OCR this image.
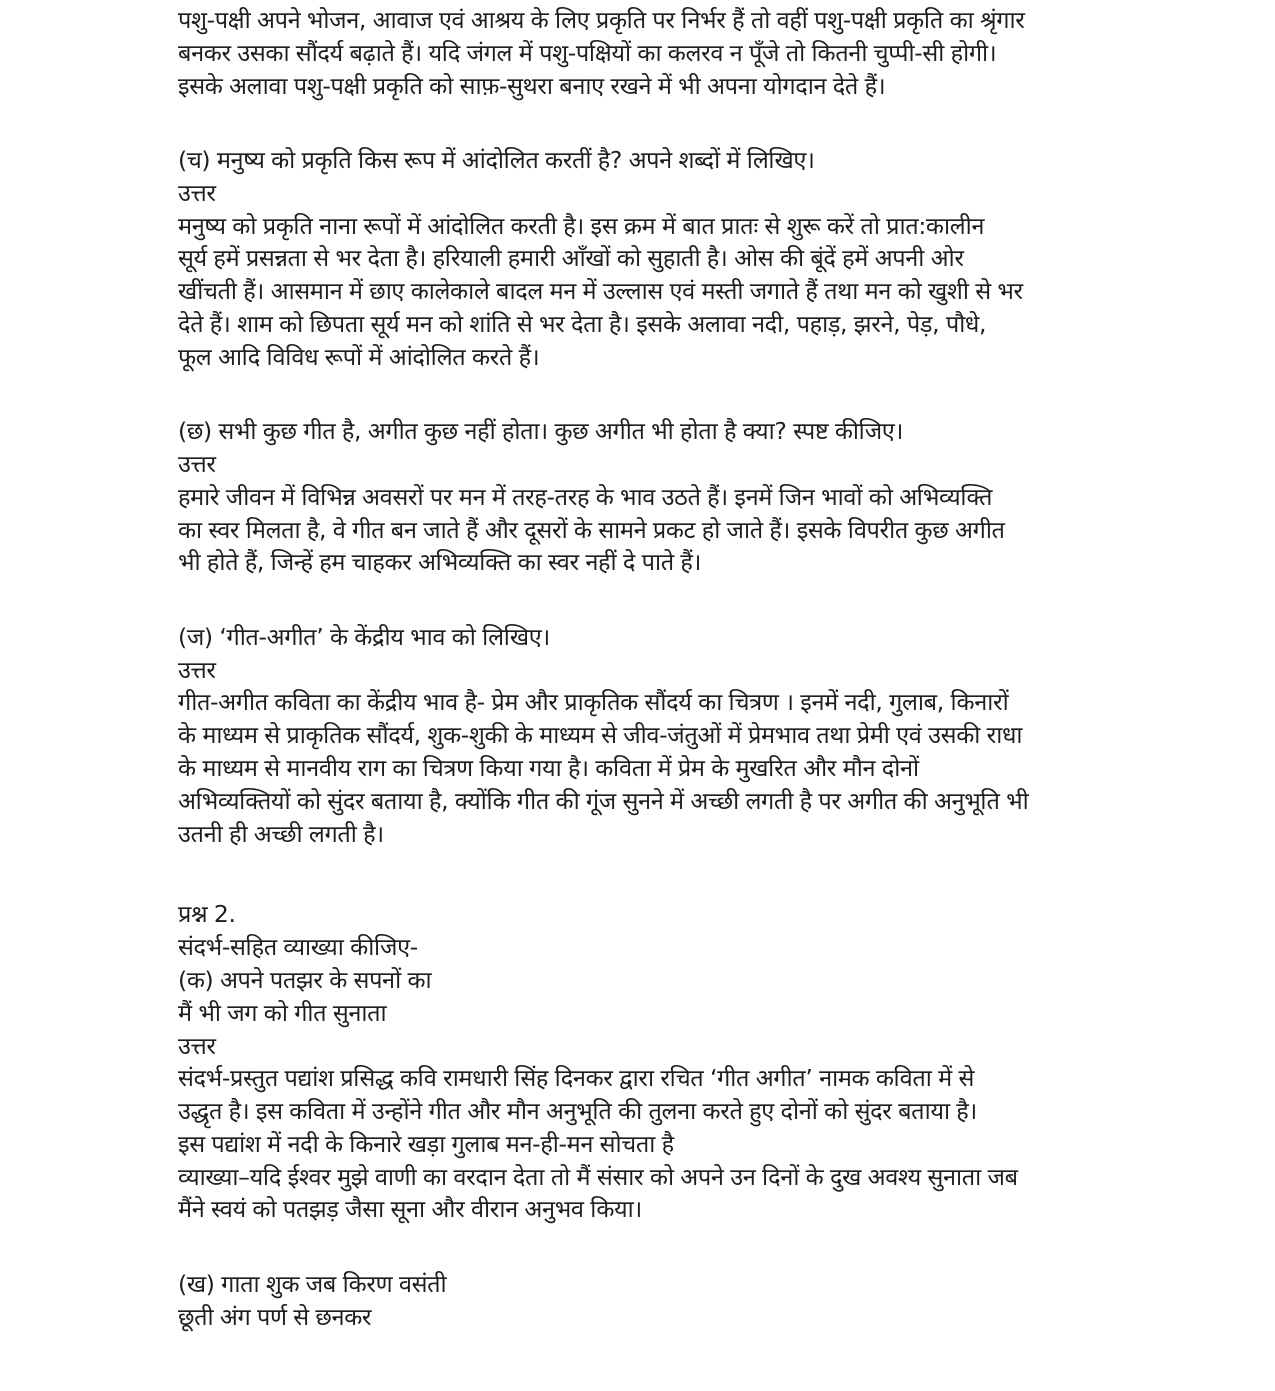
पशु-पक्षी अपने भोजन, आवाज एवं आश्रय के लिए प्रकृति पर निर्भर हैं तो वहीं पशु-पक्षी प्रकृति का श्रृंगार
बनकर उसका सौंदर्य बढ़ाते हैं। यदि जंगल में पशु-पक्षियों का कलरव न पूँजे तो कितनी चुप्पी-सी होगी।
इसके अलावा पशु-पक्षी प्रकृति को साफ़-सुथरा बनाए रखने में भी अपना योगदान देते हैं।
(च) मनुष्य को प्रकृति किस रूप में आंदोलित करतीं है? अपने शब्दों में लिखिए।
उत्तर
मनुष्य को प्रकृति नाना रूपों में आंदोलित करती है। इस क्रम में बात प्रातः से शुरू करें तो प्रात:कालीन
सूर्य हमें प्रसन्नता से भर देता है। हरियाली हमारी आँखों को सुहाती है। ओस की बूंदें हमें अपनी ओर
खींचती हैं। आसमान में छाए कालेकाले बादल मन में उल्लास एवं मस्ती जगाते हैं तथा मन को खुशी से भर
देते हैं। शाम को छिपता सूर्य मन को शांति से भर देता है। इसके अलावा नदी, पहाड़, झरने, पेड़, पौधे,
फूल आदि विविध रूपों में आंदोलित करते हैं।
(छ) सभी कुछ गीत है, अगीत कुछ नहीं होता। कुछ अगीत भी होता है क्या? स्पष्ट कीजिए।
उत्तर
हमारे जीवन में विभिन्न अवसरों पर मन में तरह-तरह के भाव उठते हैं। इनमें जिन भावों को अभिव्यक्ति
का स्वर मिलता है, वे गीत बन जाते हैं और दूसरों के सामने प्रकट हो जाते हैं। इसके विपरीत कुछ अगीत
भी होते हैं, जिन्हें हम चाहकर अभिव्यक्ति का स्वर नहीं दे पाते हैं।
(ज) ‘गीत-अगीत’ के केंद्रीय भाव को लिखिए।
उत्तर
गीत-अगीत कविता का केंद्रीय भाव है- प्रेम और प्राकृतिक सौंदर्य का चित्रण । इनमें नदी, गुलाब, किनारों
के माध्यम से प्राकृतिक सौंदर्य, शुक-शुकी के माध्यम से जीव-जंतुओं में प्रेमभाव तथा प्रेमी एवं उसकी राधा
के माध्यम से मानवीय राग का चित्रण किया गया है। कविता में प्रेम के मुखरित और मौन दोनों
अभिव्यक्तियों को सुंदर बताया है, क्योंकि गीत की गूंज सुनने में अच्छी लगती है पर अगीत की अनुभूति भी
उतनी ही अच्छी लगती है।
प्रश्न 2.
संदर्भ-सहित व्याख्या कीजिए-
(क) अपने पतझर के सपनों का
मैं भी जग को गीत सुनाता
उत्तर
संदर्भ-प्रस्तुत पद्यांश प्रसिद्ध कवि रामधारी सिंह दिनकर द्वारा रचित ‘गीत अगीत’ नामक कविता में से
उद्धृत है। इस कविता में उन्होंने गीत और मौन अनुभूति की तुलना करते हुए दोनों को सुंदर बताया है।
इस पद्यांश में नदी के किनारे खड़ा गुलाब मन-ही-मन सोचता है
व्याख्या–यदि ईश्वर मुझे वाणी का वरदान देता तो मैं संसार को अपने उन दिनों के दुख अवश्य सुनाता जब
मैंने स्वयं को पतझड़ जैसा सूना और वीरान अनुभव किया।
(ख) गाता शुक जब किरण वसंती
छूती अंग पर्ण से छनकर
